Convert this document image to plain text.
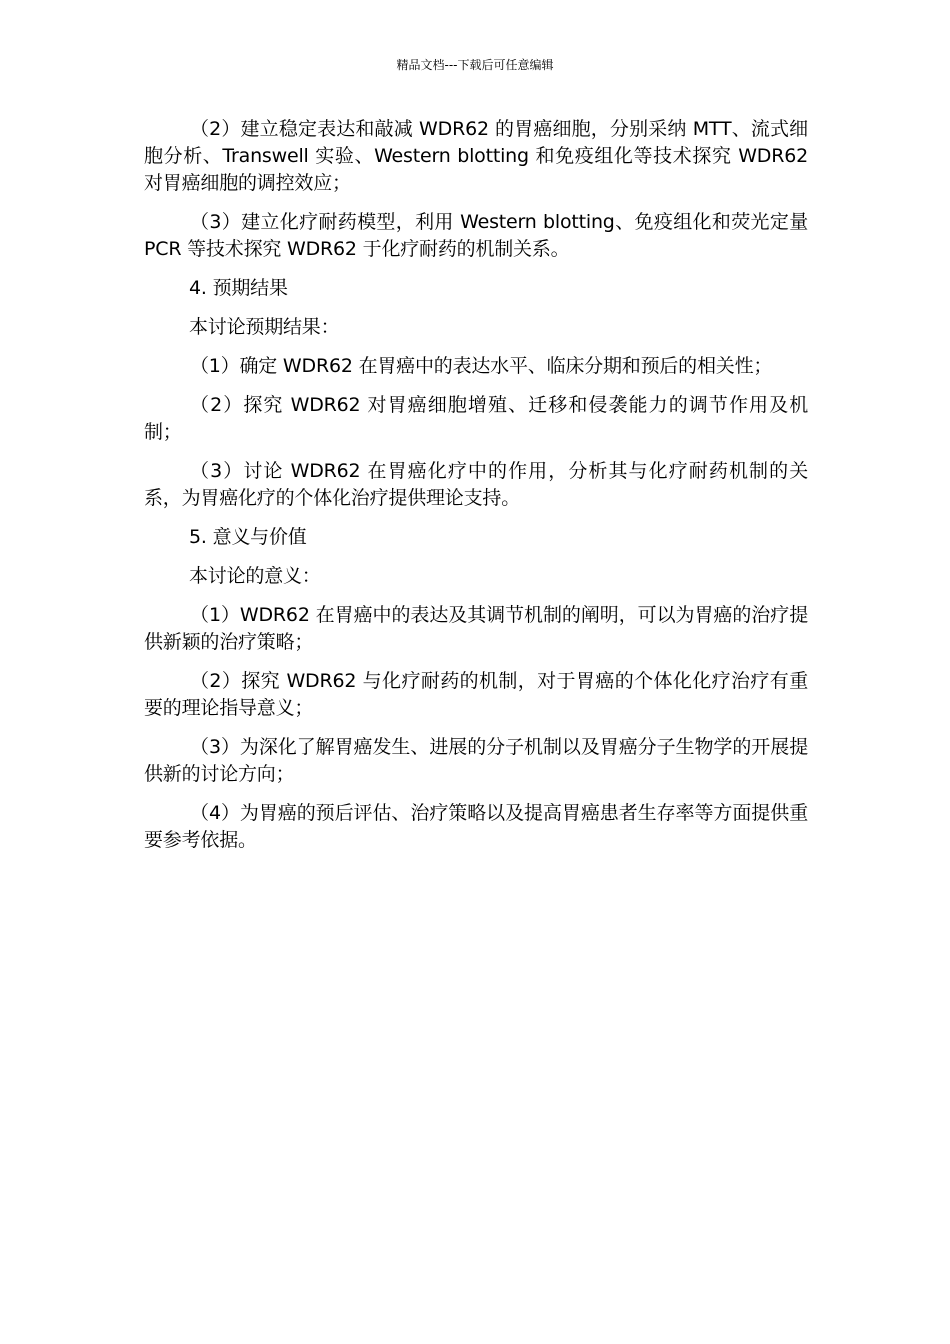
精品文档---下载后可任意编辑

（2）建立稳定表达和敲减 WDR62 的胃癌细胞，分别采纳 MTT、流式细胞分析、Transwell 实验、Western blotting 和免疫组化等技术探究 WDR62 对胃癌细胞的调控效应；

（3）建立化疗耐药模型，利用 Western blotting、免疫组化和荧光定量 PCR 等技术探究 WDR62 于化疗耐药的机制关系。

4. 预期结果

本讨论预期结果：

（1）确定 WDR62 在胃癌中的表达水平、临床分期和预后的相关性；

（2）探究 WDR62 对胃癌细胞增殖、迁移和侵袭能力的调节作用及机制；

（3）讨论 WDR62 在胃癌化疗中的作用，分析其与化疗耐药机制的关系，为胃癌化疗的个体化治疗提供理论支持。

5. 意义与价值

本讨论的意义：

（1）WDR62 在胃癌中的表达及其调节机制的阐明，可以为胃癌的治疗提供新颖的治疗策略；

（2）探究 WDR62 与化疗耐药的机制，对于胃癌的个体化化疗治疗有重要的理论指导意义；

（3）为深化了解胃癌发生、进展的分子机制以及胃癌分子生物学的开展提供新的讨论方向；

（4）为胃癌的预后评估、治疗策略以及提高胃癌患者生存率等方面提供重要参考依据。
